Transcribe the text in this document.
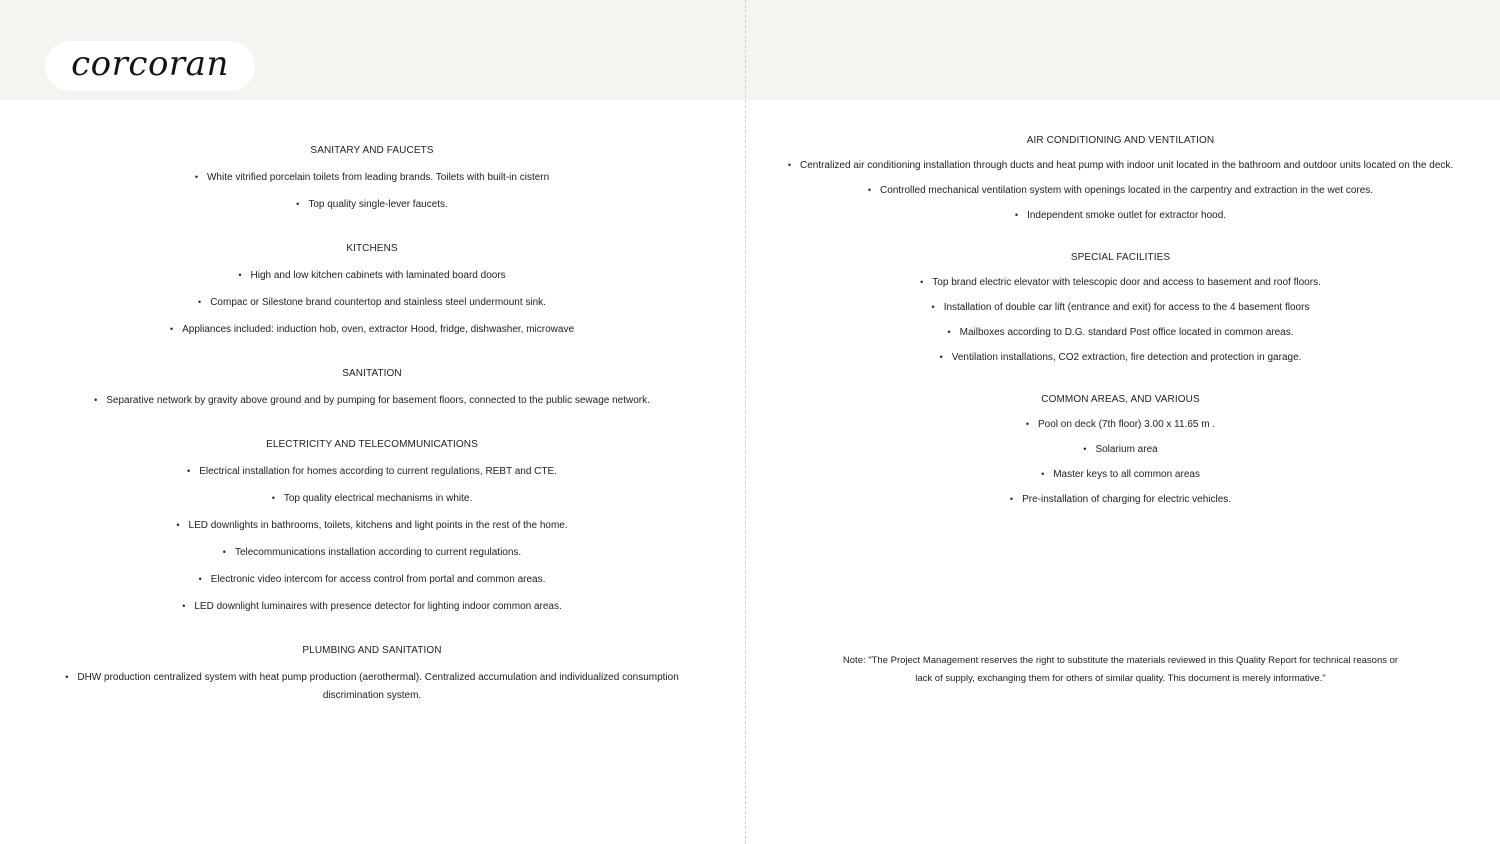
corcoran
SANITARY AND FAUCETS

• White vitrified porcelain toilets from leading brands. Toilets with built-in cistern

• Top quality single-lever faucets.

KITCHENS

• High and low kitchen cabinets with laminated board doors

• Compac or Silestone brand countertop and stainless steel undermount sink.

• Appliances included: induction hob, oven, extractor Hood, fridge, dishwasher, microwave

SANITATION

• Separative network by gravity above ground and by pumping for basement floors, connected to the public sewage network.

ELECTRICITY AND TELECOMMUNICATIONS

• Electrical installation for homes according to current regulations, REBT and CTE.

• Top quality electrical mechanisms in white.

• LED downlights in bathrooms, toilets, kitchens and light points in the rest of the home.

• Telecommunications installation according to current regulations.

• Electronic video intercom for access control from portal and common areas.

• LED downlight luminaires with presence detector for lighting indoor common areas.

PLUMBING AND SANITATION

• DHW production centralized system with heat pump production (aerothermal). Centralized accumulation and individualized consumption discrimination system.

AIR CONDITIONING AND VENTILATION

• Centralized air conditioning installation through ducts and heat pump with indoor unit located in the bathroom and outdoor units located on the deck.

• Controlled mechanical ventilation system with openings located in the carpentry and extraction in the wet cores.

• Independent smoke outlet for extractor hood.

SPECIAL FACILITIES

• Top brand electric elevator with telescopic door and access to basement and roof floors.

• Installation of double car lift (entrance and exit) for access to the 4 basement floors

• Mailboxes according to D.G. standard Post office located in common areas.

• Ventilation installations, CO2 extraction, fire detection and protection in garage.

COMMON AREAS, AND VARIOUS

• Pool on deck (7th floor) 3.00 x 11.65 m .

• Solarium area

• Master keys to all common areas

• Pre-installation of charging for electric vehicles.

Note: "The Project Management reserves the right to substitute the materials reviewed in this Quality Report for technical reasons or lack of supply, exchanging them for others of similar quality. This document is merely informative."
